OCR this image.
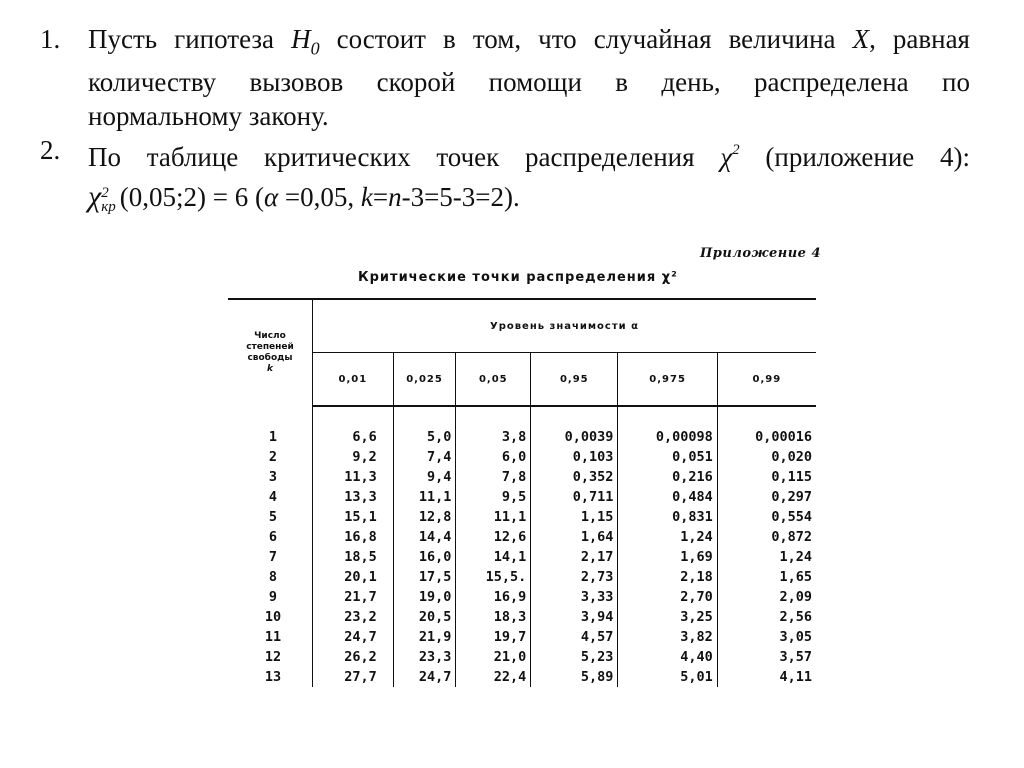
1.	Пусть гипотеза $H_0$ состоит в том, что случайная величина X, равная
количеству вызовов скорой помощи в день, распределена по
нормальному закону.
2.	По таблице критических точек распределения $\chi^2$ (приложение 4):
χ 2
кр (0,05;2) = 6 (α =0,05, k=n-3=5-3=2).
Приложение 4
Критические точки распределения χ²
Число
степеней
свободы
k	Уровень значимости α					
	0,01	0,025	0,05	0,95	0,975	0,99

1	6,6	5,0	3,8	0,0039	0,00098	0,00016
2	9,2	7,4	6,0	0,103	0,051	0,020
3	11,3	9,4	7,8	0,352	0,216	0,115
4	13,3	11,1	9,5	0,711	0,484	0,297
5	15,1	12,8	11,1	1,15	0,831	0,554
6	16,8	14,4	12,6	1,64	1,24	0,872
7	18,5	16,0	14,1	2,17	1,69	1,24
8	20,1	17,5	15,5.	2,73	2,18	1,65
9	21,7	19,0	16,9	3,33	2,70	2,09
10	23,2	20,5	18,3	3,94	3,25	2,56
11	24,7	21,9	19,7	4,57	3,82	3,05
12	26,2	23,3	21,0	5,23	4,40	3,57
13	27,7	24,7	22,4	5,89	5,01	4,11
